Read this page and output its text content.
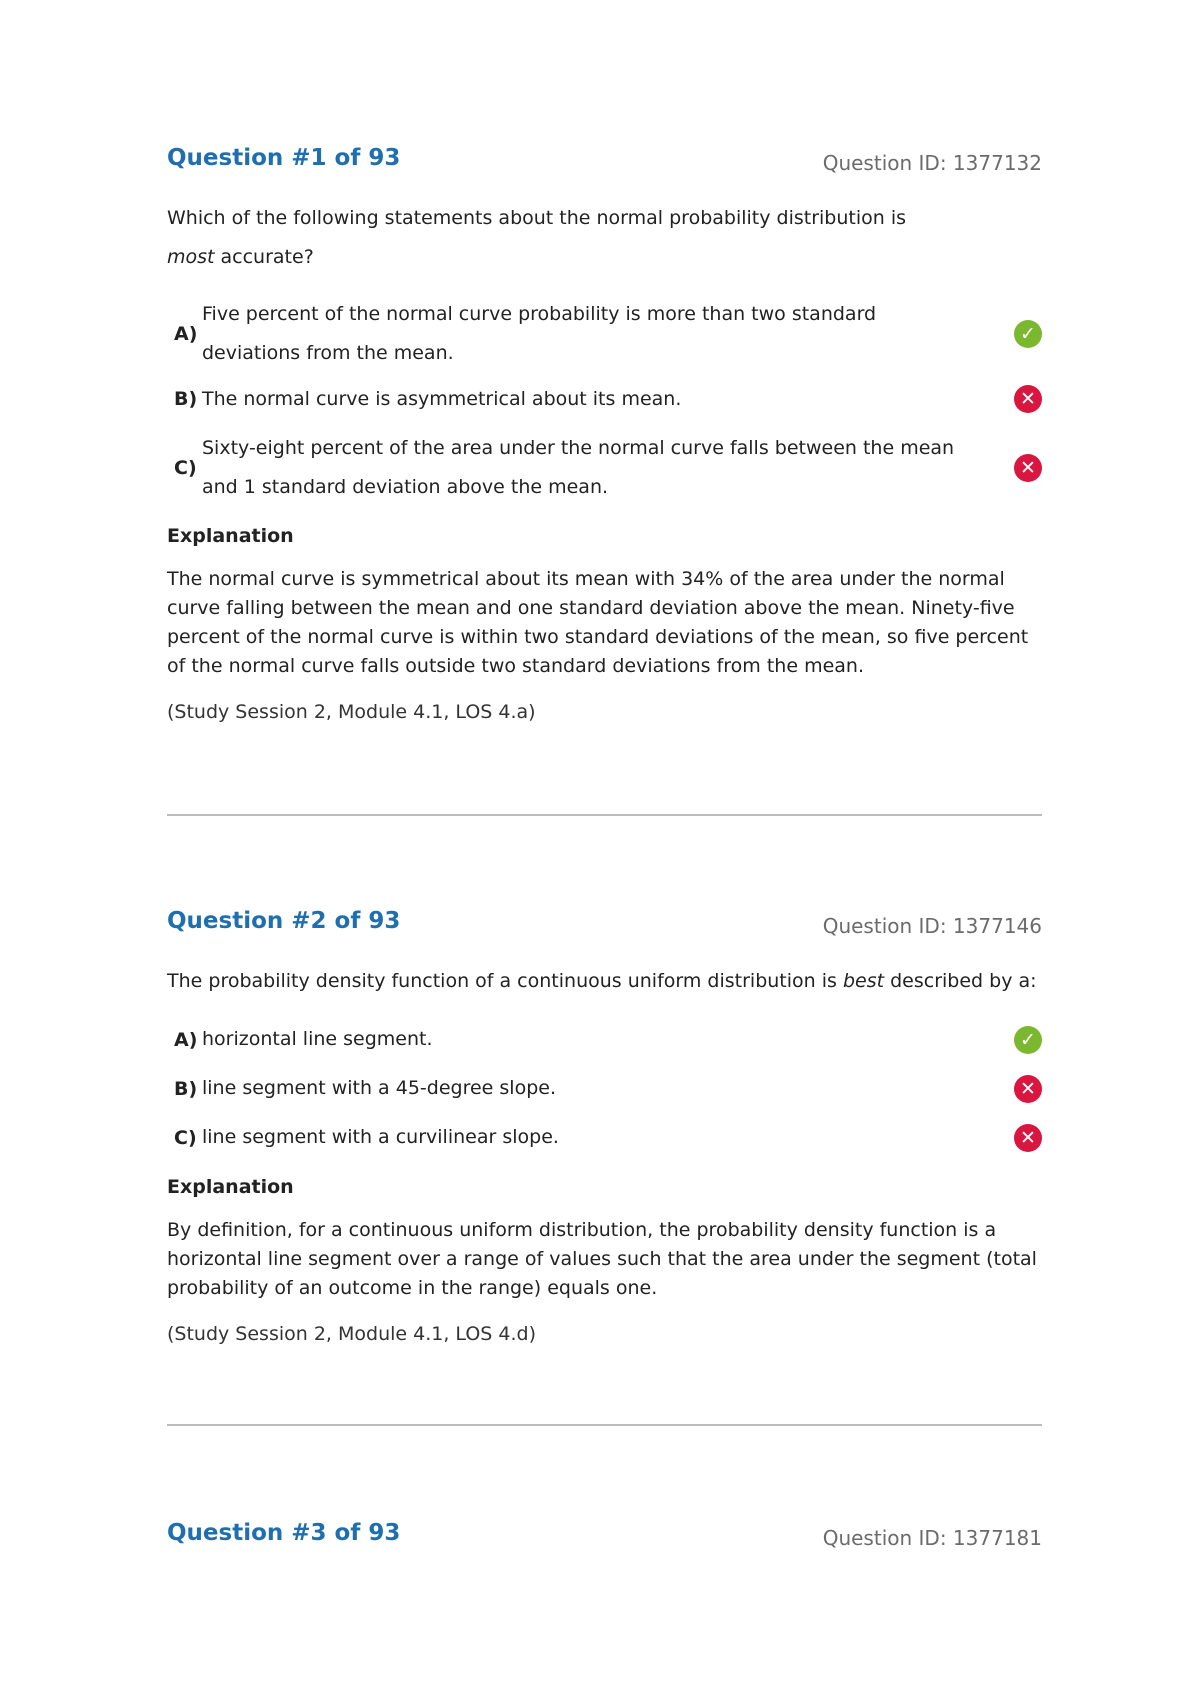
Question #1 of 93	Question ID: 1377132

Which of the following statements about the normal probability distribution is most accurate?

A)
Five percent of the normal curve probability is more than two standard deviations from the mean.
✓
B) The normal curve is asymmetrical about its mean.	✕
C)
Sixty-eight percent of the area under the normal curve falls between the mean and 1 standard deviation above the mean.
✕

Explanation

The normal curve is symmetrical about its mean with 34% of the area under the normal curve falling between the mean and one standard deviation above the mean. Ninety-five percent of the normal curve is within two standard deviations of the mean, so five percent of the normal curve falls outside two standard deviations from the mean.

(Study Session 2, Module 4.1, LOS 4.a)

Question #2 of 93	Question ID: 1377146

The probability density function of a continuous uniform distribution is best described by a:

A) horizontal line segment.	✓
B) line segment with a 45-degree slope.	✕
C) line segment with a curvilinear slope.	✕

Explanation

By definition, for a continuous uniform distribution, the probability density function is a horizontal line segment over a range of values such that the area under the segment (total probability of an outcome in the range) equals one.

(Study Session 2, Module 4.1, LOS 4.d)

Question #3 of 93	Question ID: 1377181
